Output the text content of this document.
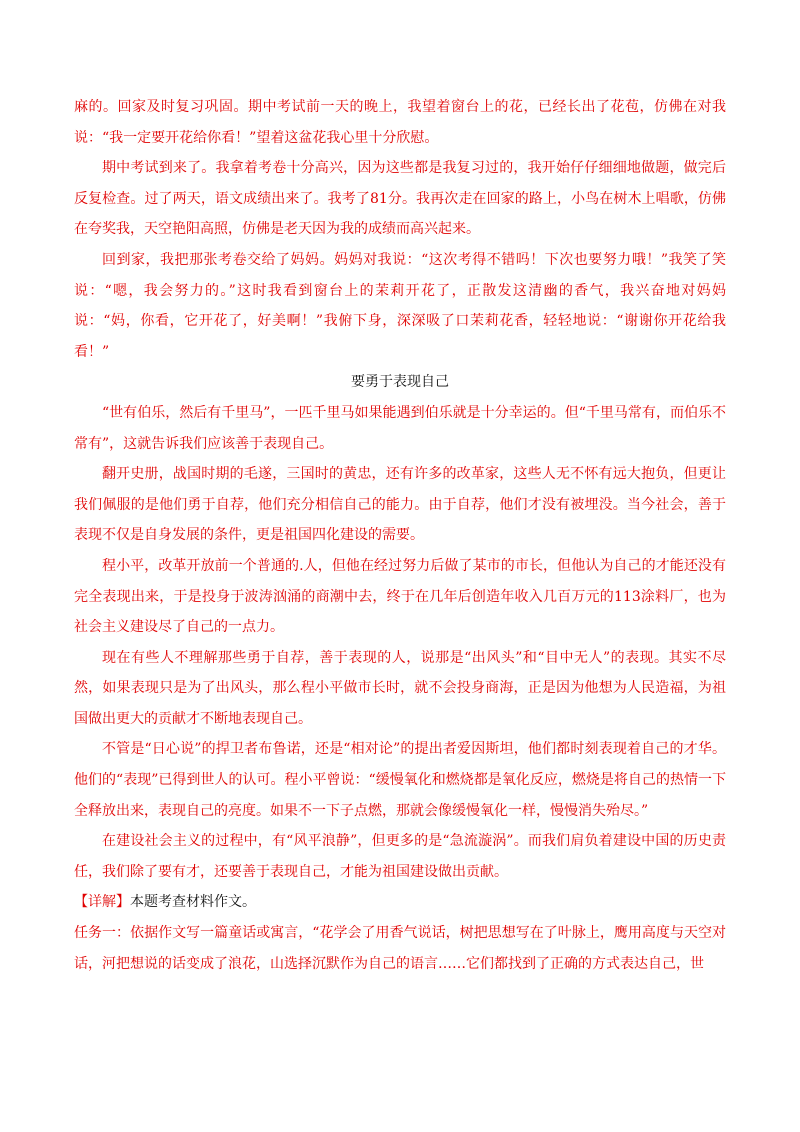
麻的。回家及时复习巩固。期中考试前一天的晚上，我望着窗台上的花，已经长出了花苞，仿佛在对我说：“我一定要开花给你看！”望着这盆花我心里十分欣慰。

期中考试到来了。我拿着考卷十分高兴，因为这些都是我复习过的，我开始仔仔细细地做题，做完后反复检查。过了两天，语文成绩出来了。我考了81分。我再次走在回家的路上，小鸟在树木上唱歌，仿佛在夸奖我，天空艳阳高照，仿佛是老天因为我的成绩而高兴起来。

回到家，我把那张考卷交给了妈妈。妈妈对我说：“这次考得不错吗！下次也要努力哦！”我笑了笑说：“嗯，我会努力的。”这时我看到窗台上的茉莉开花了，正散发这清幽的香气，我兴奋地对妈妈说：“妈，你看，它开花了，好美啊！”我俯下身，深深吸了口茉莉花香，轻轻地说：“谢谢你开花给我看！”

要勇于表现自己

“世有伯乐，然后有千里马”，一匹千里马如果能遇到伯乐就是十分幸运的。但“千里马常有，而伯乐不常有”，这就告诉我们应该善于表现自己。

翻开史册，战国时期的毛遂，三国时的黄忠，还有许多的改革家，这些人无不怀有远大抱负，但更让我们佩服的是他们勇于自荐，他们充分相信自己的能力。由于自荐，他们才没有被埋没。当今社会，善于表现不仅是自身发展的条件，更是祖国四化建设的需要。

程小平，改革开放前一个普通的.人，但他在经过努力后做了某市的市长，但他认为自己的才能还没有完全表现出来，于是投身于波涛汹涌的商潮中去，终于在几年后创造年收入几百万元的113涂料厂，也为社会主义建设尽了自己的一点力。

现在有些人不理解那些勇于自荐，善于表现的人，说那是“出风头”和“目中无人”的表现。其实不尽然，如果表现只是为了出风头，那么程小平做市长时，就不会投身商海，正是因为他想为人民造福，为祖国做出更大的贡献才不断地表现自己。

不管是“日心说”的捍卫者布鲁诺，还是“相对论”的提出者爱因斯坦，他们都时刻表现着自己的才华。他们的“表现”已得到世人的认可。程小平曾说：“缓慢氧化和燃烧都是氧化反应，燃烧是将自己的热情一下全释放出来，表现自己的亮度。如果不一下子点燃，那就会像缓慢氧化一样，慢慢消失殆尽。”

在建设社会主义的过程中，有“风平浪静”，但更多的是“急流漩涡”。而我们肩负着建设中国的历史责任，我们除了要有才，还要善于表现自己，才能为祖国建设做出贡献。

【详解】本题考查材料作文。

任务一：依据作文写一篇童话或寓言，“花学会了用香气说话，树把思想写在了叶脉上，鹰用高度与天空对话，河把想说的话变成了浪花，山选择沉默作为自己的语言……它们都找到了正确的方式表达自己，世
